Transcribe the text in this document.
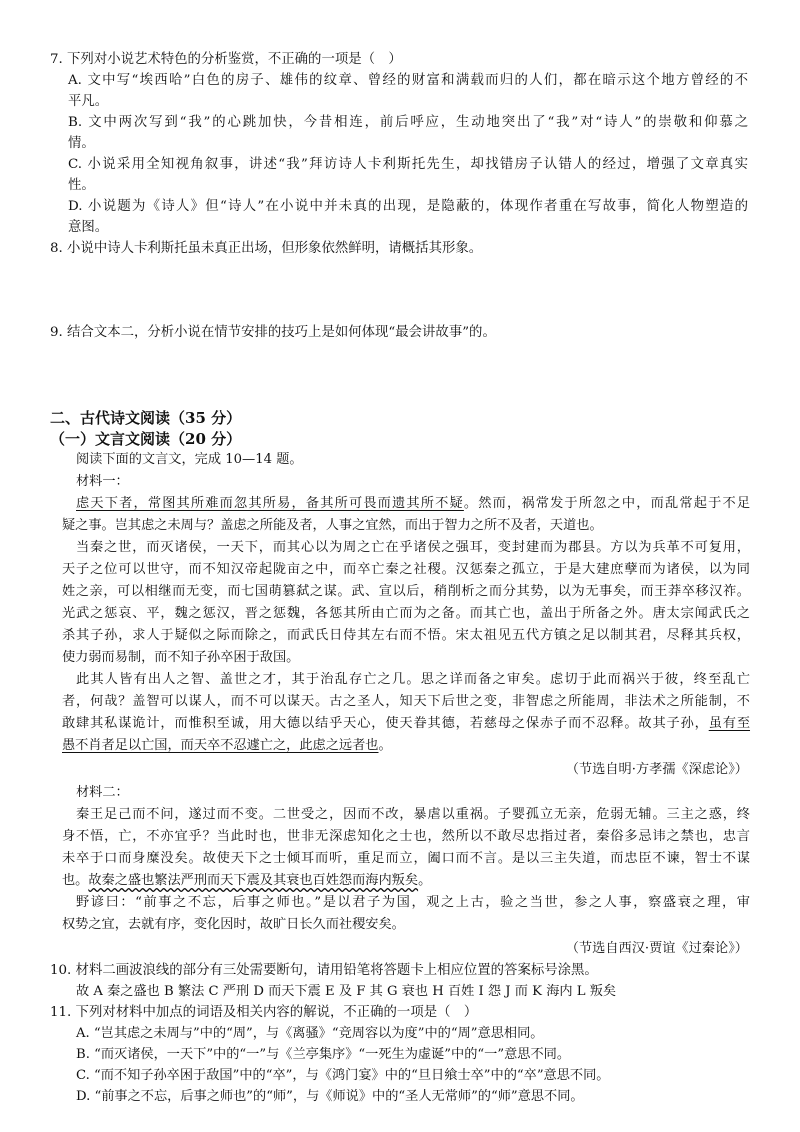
7. 下列对小说艺术特色的分析鉴赏，不正确的一项是（　）
A. 文中写“埃西哈”白色的房子、雄伟的纹章、曾经的财富和满载而归的人们，都在暗示这个地方曾经的不
平凡。
B. 文中两次写到“我”的心跳加快，今昔相连，前后呼应，生动地突出了“我”对“诗人”的崇敬和仰慕之
情。
C. 小说采用全知视角叙事，讲述“我”拜访诗人卡利斯托先生，却找错房子认错人的经过，增强了文章真实
性。
D. 小说题为《诗人》但“诗人”在小说中并未真的出现，是隐蔽的，体现作者重在写故事，简化人物塑造的
意图。
8. 小说中诗人卡利斯托虽未真正出场，但形象依然鲜明，请概括其形象。
9. 结合文本二，分析小说在情节安排的技巧上是如何体现“最会讲故事”的。
二、古代诗文阅读（35 分）
（一）文言文阅读（20 分）
阅读下面的文言文，完成 10—14 题。
材料一：
虑天下者，常图其所难而忽其所易，备其所可畏而遗其所不疑。然而，祸常发于所忽之中，而乱常起于不足
疑之事。岂其虑之未周与？盖虑之所能及者，人事之宜然，而出于智力之所不及者，天道也。
当秦之世，而灭诸侯，一天下，而其心以为周之亡在乎诸侯之强耳，变封建而为郡县。方以为兵革不可复用，
天子之位可以世守，而不知汉帝起陇亩之中，而卒亡秦之社稷。汉惩秦之孤立，于是大建庶孽而为诸侯，以为同
姓之亲，可以相继而无变，而七国萌篡弑之谋。武、宣以后，稍削析之而分其势，以为无事矣，而王莽卒移汉祚。
光武之惩哀、平，魏之惩汉，晋之惩魏，各惩其所由亡而为之备。而其亡也，盖出于所备之外。唐太宗闻武氏之
杀其子孙，求人于疑似之际而除之，而武氏日侍其左右而不悟。宋太祖见五代方镇之足以制其君，尽释其兵权，
使力弱而易制，而不知子孙卒困于敌国。
此其人皆有出人之智、盖世之才，其于治乱存亡之几。思之详而备之审矣。虑切于此而祸兴于彼，终至乱亡
者，何哉？盖智可以谋人，而不可以谋天。古之圣人，知天下后世之变，非智虑之所能周，非法术之所能制，不
敢肆其私谋诡计，而惟积至诚，用大德以结乎天心，使天眷其德，若慈母之保赤子而不忍释。故其子孙，虽有至
愚不肖者足以亡国，而天卒不忍遽亡之，此虑之远者也。
（节选自明·方孝孺《深虑论》）
材料二：
秦王足己而不问，遂过而不变。二世受之，因而不改，暴虐以重祸。子婴孤立无亲，危弱无辅。三主之惑，终
身不悟，亡，不亦宜乎？当此时也，世非无深虑知化之士也，然所以不敢尽忠指过者，秦俗多忌讳之禁也，忠言
未卒于口而身糜没矣。故使天下之士倾耳而听，重足而立，阖口而不言。是以三主失道，而忠臣不谏，智士不谋
也。故秦之盛也繁法严刑而天下震及其衰也百姓怨而海内叛矣。
野谚曰：“前事之不忘，后事之师也。”是以君子为国，观之上古，验之当世，参之人事，察盛衰之理，审
权势之宜，去就有序，变化因时，故旷日长久而社稷安矣。
（节选自西汉·贾谊《过秦论》）
10. 材料二画波浪线的部分有三处需要断句，请用铅笔将答题卡上相应位置的答案标号涂黑。
故 A 秦之盛也 B 繁法 C 严刑 D 而天下震 E 及 F 其 G 衰也 H 百姓 I 怨 J 而 K 海内 L 叛矣
11. 下列对材料中加点的词语及相关内容的解说，不正确的一项是（　）
A. “岂其虑之未周与”中的“周”，与《离骚》“竞周容以为度”中的“周”意思相同。
B. “而灭诸侯，一天下”中的“一”与《兰亭集序》“一死生为虚诞”中的“一”意思不同。
C. “而不知子孙卒困于敌国”中的“卒”，与《鸿门宴》中的“旦日飨士卒”中的“卒”意思不同。
D. “前事之不忘，后事之师也”的“师”，与《师说》中的“圣人无常师”的“师”意思不同。
